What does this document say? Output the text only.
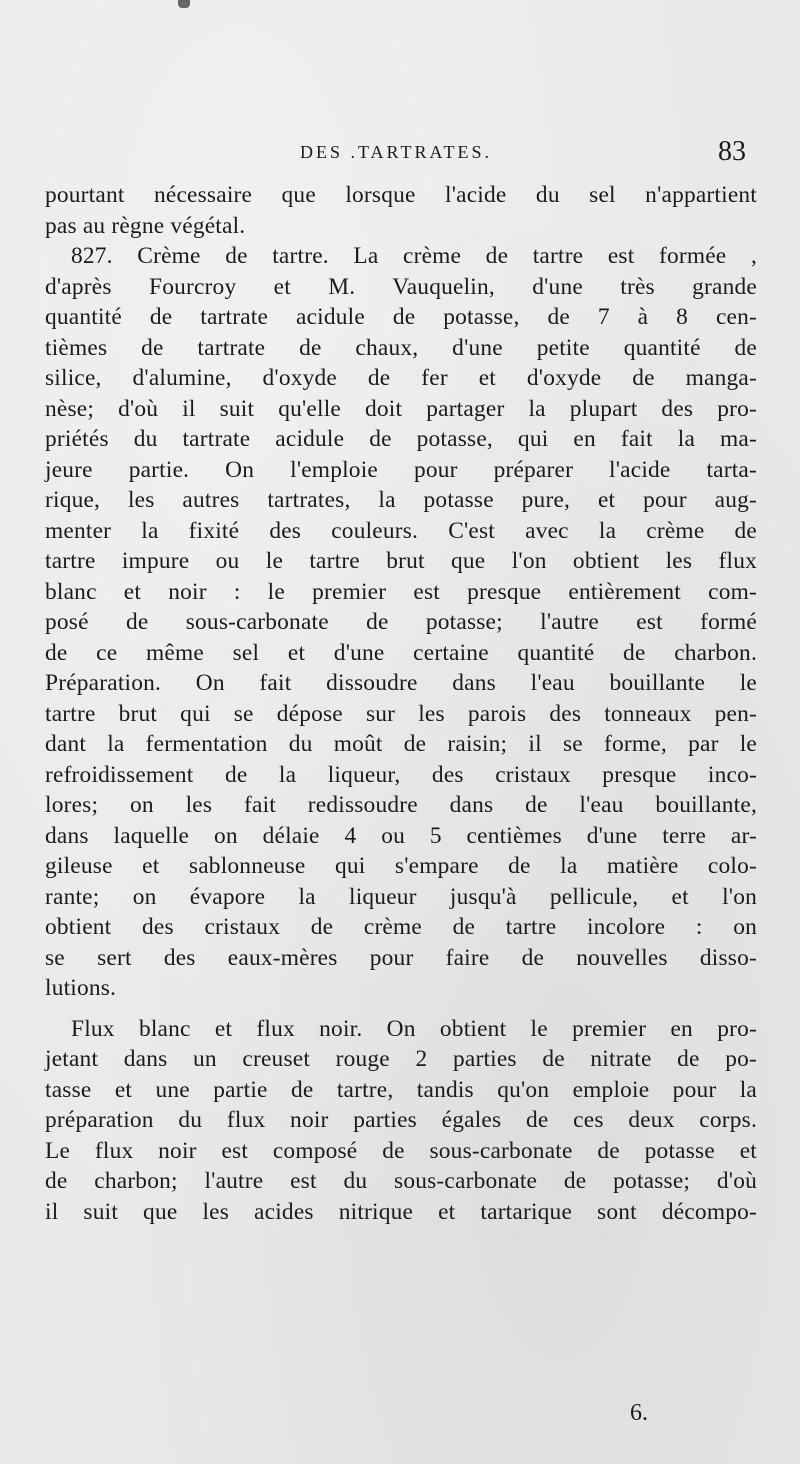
DES .TARTRATES.	83
pourtant nécessaire que lorsque l'acide du sel n'appartient
pas au règne végétal.
827. Crème de tartre. La crème de tartre est formée ,
d'après Fourcroy et M. Vauquelin, d'une très grande
quantité de tartrate acidule de potasse, de 7 à 8 cen-
tièmes de tartrate de chaux, d'une petite quantité de
silice, d'alumine, d'oxyde de fer et d'oxyde de manga-
nèse; d'où il suit qu'elle doit partager la plupart des pro-
priétés du tartrate acidule de potasse, qui en fait la ma-
jeure partie. On l'emploie pour préparer l'acide tarta-
rique, les autres tartrates, la potasse pure, et pour aug-
menter la fixité des couleurs. C'est avec la crème de
tartre impure ou le tartre brut que l'on obtient les flux
blanc et noir : le premier est presque entièrement com-
posé de sous-carbonate de potasse; l'autre est formé
de ce même sel et d'une certaine quantité de charbon.
Préparation. On fait dissoudre dans l'eau bouillante le
tartre brut qui se dépose sur les parois des tonneaux pen-
dant la fermentation du moût de raisin; il se forme, par le
refroidissement de la liqueur, des cristaux presque inco-
lores; on les fait redissoudre dans de l'eau bouillante,
dans laquelle on délaie 4 ou 5 centièmes d'une terre ar-
gileuse et sablonneuse qui s'empare de la matière colo-
rante; on évapore la liqueur jusqu'à pellicule, et l'on
obtient des cristaux de crème de tartre incolore : on
se sert des eaux-mères pour faire de nouvelles disso-
lutions.
Flux blanc et flux noir. On obtient le premier en pro-
jetant dans un creuset rouge 2 parties de nitrate de po-
tasse et une partie de tartre, tandis qu'on emploie pour la
préparation du flux noir parties égales de ces deux corps.
Le flux noir est composé de sous-carbonate de potasse et
de charbon; l'autre est du sous-carbonate de potasse; d'où
il suit que les acides nitrique et tartarique sont décompo-
6.
